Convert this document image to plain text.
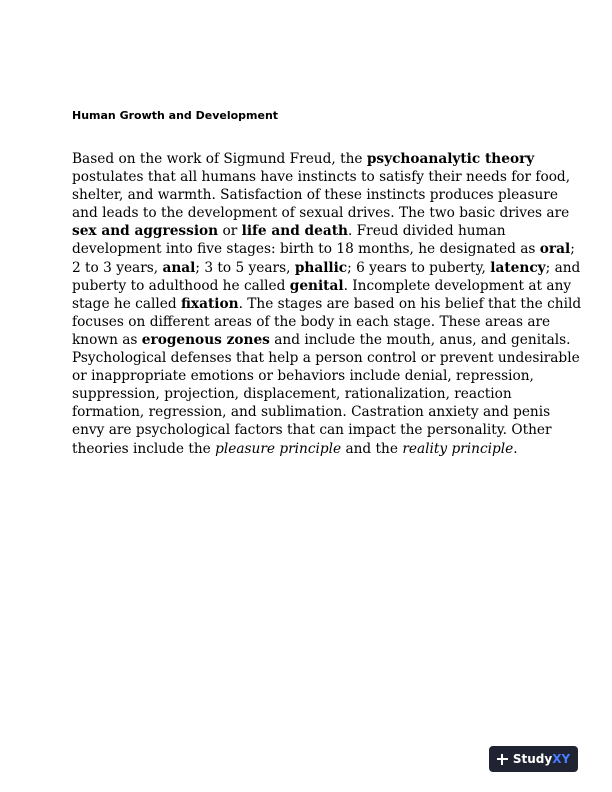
Human Growth and Development
Based on the work of Sigmund Freud, the psychoanalytic theory
postulates that all humans have instincts to satisfy their needs for food,
shelter, and warmth. Satisfaction of these instincts produces pleasure
and leads to the development of sexual drives. The two basic drives are
sex and aggression or life and death. Freud divided human
development into five stages: birth to 18 months, he designated as oral;
2 to 3 years, anal; 3 to 5 years, phallic; 6 years to puberty, latency; and
puberty to adulthood he called genital. Incomplete development at any
stage he called fixation. The stages are based on his belief that the child
focuses on different areas of the body in each stage. These areas are
known as erogenous zones and include the mouth, anus, and genitals.
Psychological defenses that help a person control or prevent undesirable
or inappropriate emotions or behaviors include denial, repression,
suppression, projection, displacement, rationalization, reaction
formation, regression, and sublimation. Castration anxiety and penis
envy are psychological factors that can impact the personality. Other
theories include the pleasure principle and the reality principle.
StudyXY
